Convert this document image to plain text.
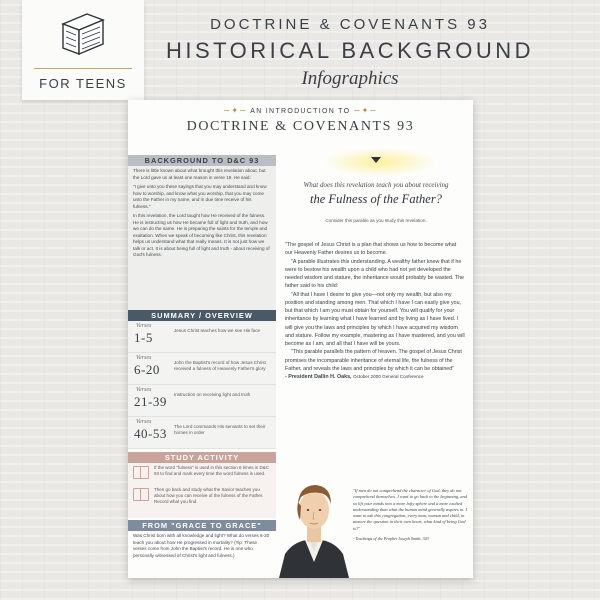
FOR TEENS
DOCTRINE & COVENANTS 93
HISTORICAL BACKGROUND
Infographics
∼✦∼ AN INTRODUCTION TO ∼✦∼
DOCTRINE & COVENANTS 93
BACKGROUND TO D&C 93

There is little known about what brought this revelation about, but the Lord gave us at least one reason in verse 19. He said:

"I give unto you these sayings that you may understand and know how to worship, and know what you worship, that you may come unto the Father in my name, and in due time receive of his fulness."

In this revelation, the Lord taught how He received of the fulness. He is instructing us how He became full of light and truth, and how we can do the same. He is preparing the saints for the temple and exaltation. When we speak of becoming like Christ, this revelation helps us understand what that really means. It is not just how we talk or act. It is about being full of light and truth - about receiving of God's fulness.

SUMMARY / OVERVIEW
Verses
1-5	Jesus Christ teaches how we see His face
Verses
6-20	John the Baptist's record of how Jesus Christ received a fulness of Heavenly Father's glory
Verses
21-39 Instruction on receiving light and truth
Verses
40-53 The Lord commands His servants to set their homes in order
STUDY ACTIVITY
If the word "fulness" is used in this section 8 times in D&C 93 to find and mark every time the word fulness is used.
Then go back and study what the Savior teaches you about how you can receive of the fulness of the Father. Record what you find.
FROM "GRACE TO GRACE"
Was Christ born with all knowledge and light? What do verses 6-20 teach you about how He progressed in mortality? (Tip: These verses come from John the Baptist's record. He is one who personally witnessed of Christ's light and fulness.)
What does this revelation teach you about receiving
the Fulness of the Father?
Consider this parable as you study this revelation.

"The gospel of Jesus Christ is a plan that shows us how to become what our Heavenly Father desires us to become.

"A parable illustrates this understanding. A wealthy father knew that if he were to bestow his wealth upon a child who had not yet developed the needed wisdom and stature, the inheritance would probably be wasted. The father said to his child:

"All that I have I desire to give you—not only my wealth, but also my position and standing among men. That which I have I can easily give you, but that which I am you must obtain for yourself. You will qualify for your inheritance by learning what I have learned and by living as I have lived. I will give you the laws and principles by which I have acquired my wisdom and stature. Follow my example, mastering as I have mastered, and you will become as I am, and all that I have will be yours.

"This parable parallels the pattern of heaven. The gospel of Jesus Christ promises the incomparable inheritance of eternal life, the fulness of the Father, and reveals the laws and principles by which it can be obtained"

- President Dallin H. Oaks, October 2000 General Conference

"If men do not comprehend the character of God, they do not comprehend themselves. I want to go back to the beginning, and so lift your minds into a more lofty sphere and a more exalted understanding than what the human mind generally aspires to. I want to ask this congregation, every man, woman and child, to answer the question in their own heart, what kind of being God is?"
- Teachings of the Prophet Joseph Smith, 343
